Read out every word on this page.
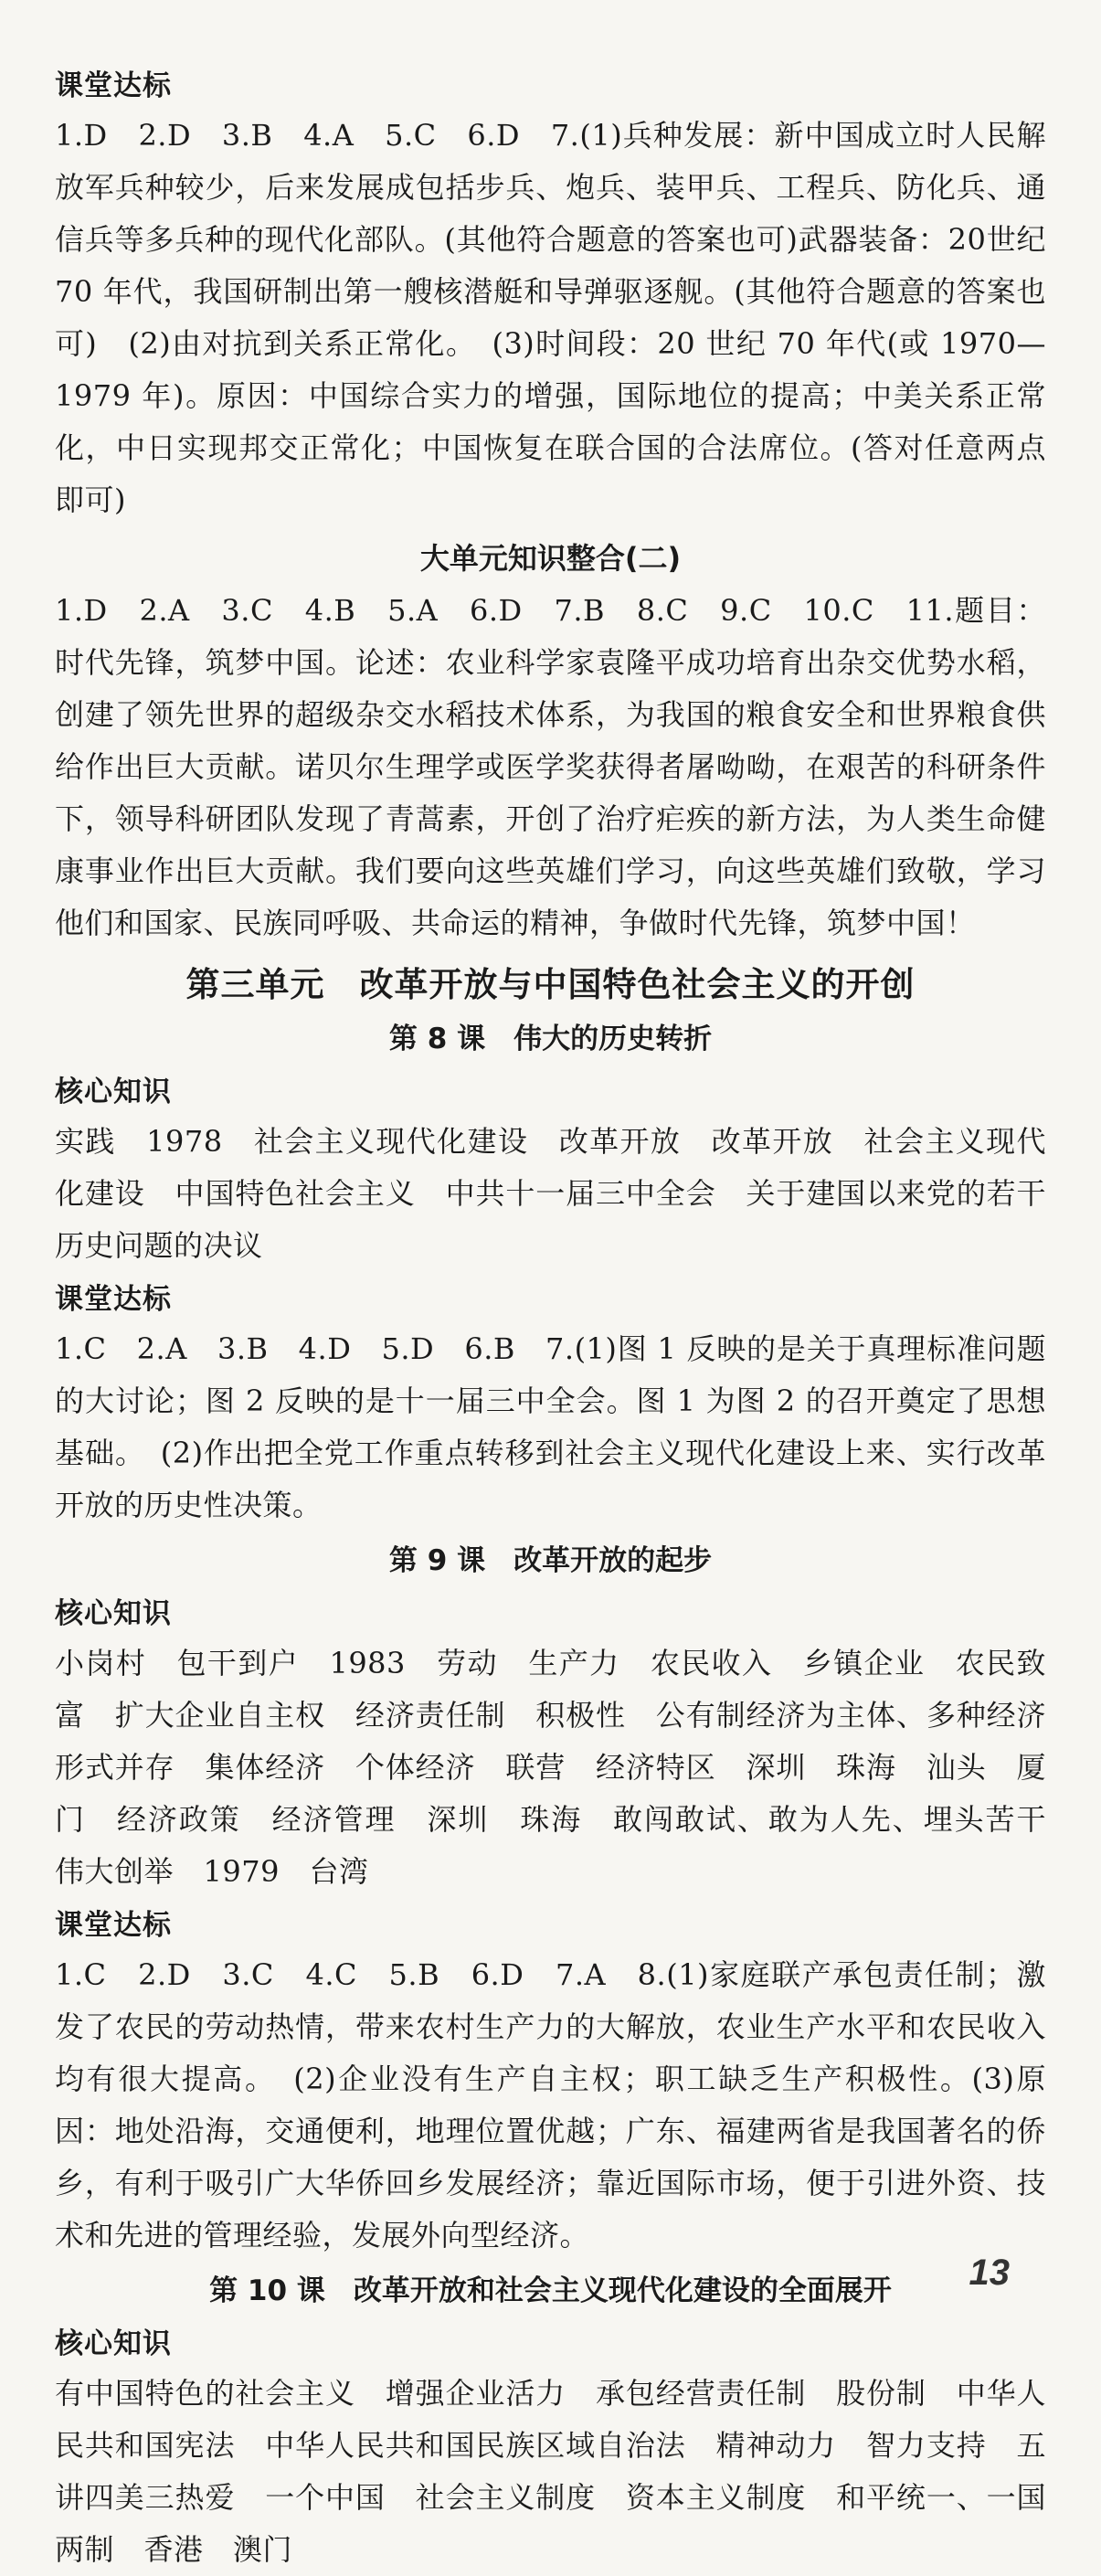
课堂达标

1.D　2.D　3.B　4.A　5.C　6.D　7.(1)兵种发展：新中国成立时人民解放军兵种较少，后来发展成包括步兵、炮兵、装甲兵、工程兵、防化兵、通信兵等多兵种的现代化部队。(其他符合题意的答案也可)武器装备：20世纪 70 年代，我国研制出第一艘核潜艇和导弹驱逐舰。(其他符合题意的答案也可)　(2)由对抗到关系正常化。　(3)时间段：20 世纪 70 年代(或 1970—1979 年)。原因：中国综合实力的增强，国际地位的提高；中美关系正常化，中日实现邦交正常化；中国恢复在联合国的合法席位。(答对任意两点即可)

大单元知识整合(二)

1.D　2.A　3.C　4.B　5.A　6.D　7.B　8.C　9.C　10.C　11.题目：时代先锋，筑梦中国。论述：农业科学家袁隆平成功培育出杂交优势水稻，创建了领先世界的超级杂交水稻技术体系，为我国的粮食安全和世界粮食供给作出巨大贡献。诺贝尔生理学或医学奖获得者屠呦呦，在艰苦的科研条件下，领导科研团队发现了青蒿素，开创了治疗疟疾的新方法，为人类生命健康事业作出巨大贡献。我们要向这些英雄们学习，向这些英雄们致敬，学习他们和国家、民族同呼吸、共命运的精神，争做时代先锋，筑梦中国！

第三单元　改革开放与中国特色社会主义的开创
第 8 课　伟大的历史转折
核心知识

实践　1978　社会主义现代化建设　改革开放　改革开放　社会主义现代化建设　中国特色社会主义　中共十一届三中全会　关于建国以来党的若干历史问题的决议

课堂达标

1.C　2.A　3.B　4.D　5.D　6.B　7.(1)图 1 反映的是关于真理标准问题的大讨论；图 2 反映的是十一届三中全会。图 1 为图 2 的召开奠定了思想基础。　(2)作出把全党工作重点转移到社会主义现代化建设上来、实行改革开放的历史性决策。

第 9 课　改革开放的起步
核心知识

小岗村　包干到户　1983　劳动　生产力　农民收入　乡镇企业　农民致富　扩大企业自主权　经济责任制　积极性　公有制经济为主体、多种经济形式并存　集体经济　个体经济　联营　经济特区　深圳　珠海　汕头　厦门　经济政策　经济管理　深圳　珠海　敢闯敢试、敢为人先、埋头苦干　伟大创举　1979　台湾

课堂达标

1.C　2.D　3.C　4.C　5.B　6.D　7.A　8.(1)家庭联产承包责任制；激发了农民的劳动热情，带来农村生产力的大解放，农业生产水平和农民收入均有很大提高。　(2)企业没有生产自主权；职工缺乏生产积极性。(3)原因：地处沿海，交通便利，地理位置优越；广东、福建两省是我国著名的侨乡，有利于吸引广大华侨回乡发展经济；靠近国际市场，便于引进外资、技术和先进的管理经验，发展外向型经济。

第 10 课　改革开放和社会主义现代化建设的全面展开
核心知识

有中国特色的社会主义　增强企业活力　承包经营责任制　股份制　中华人民共和国宪法　中华人民共和国民族区域自治法　精神动力　智力支持　五讲四美三热爱　一个中国　社会主义制度　资本主义制度　和平统一、一国两制　香港　澳门

13
